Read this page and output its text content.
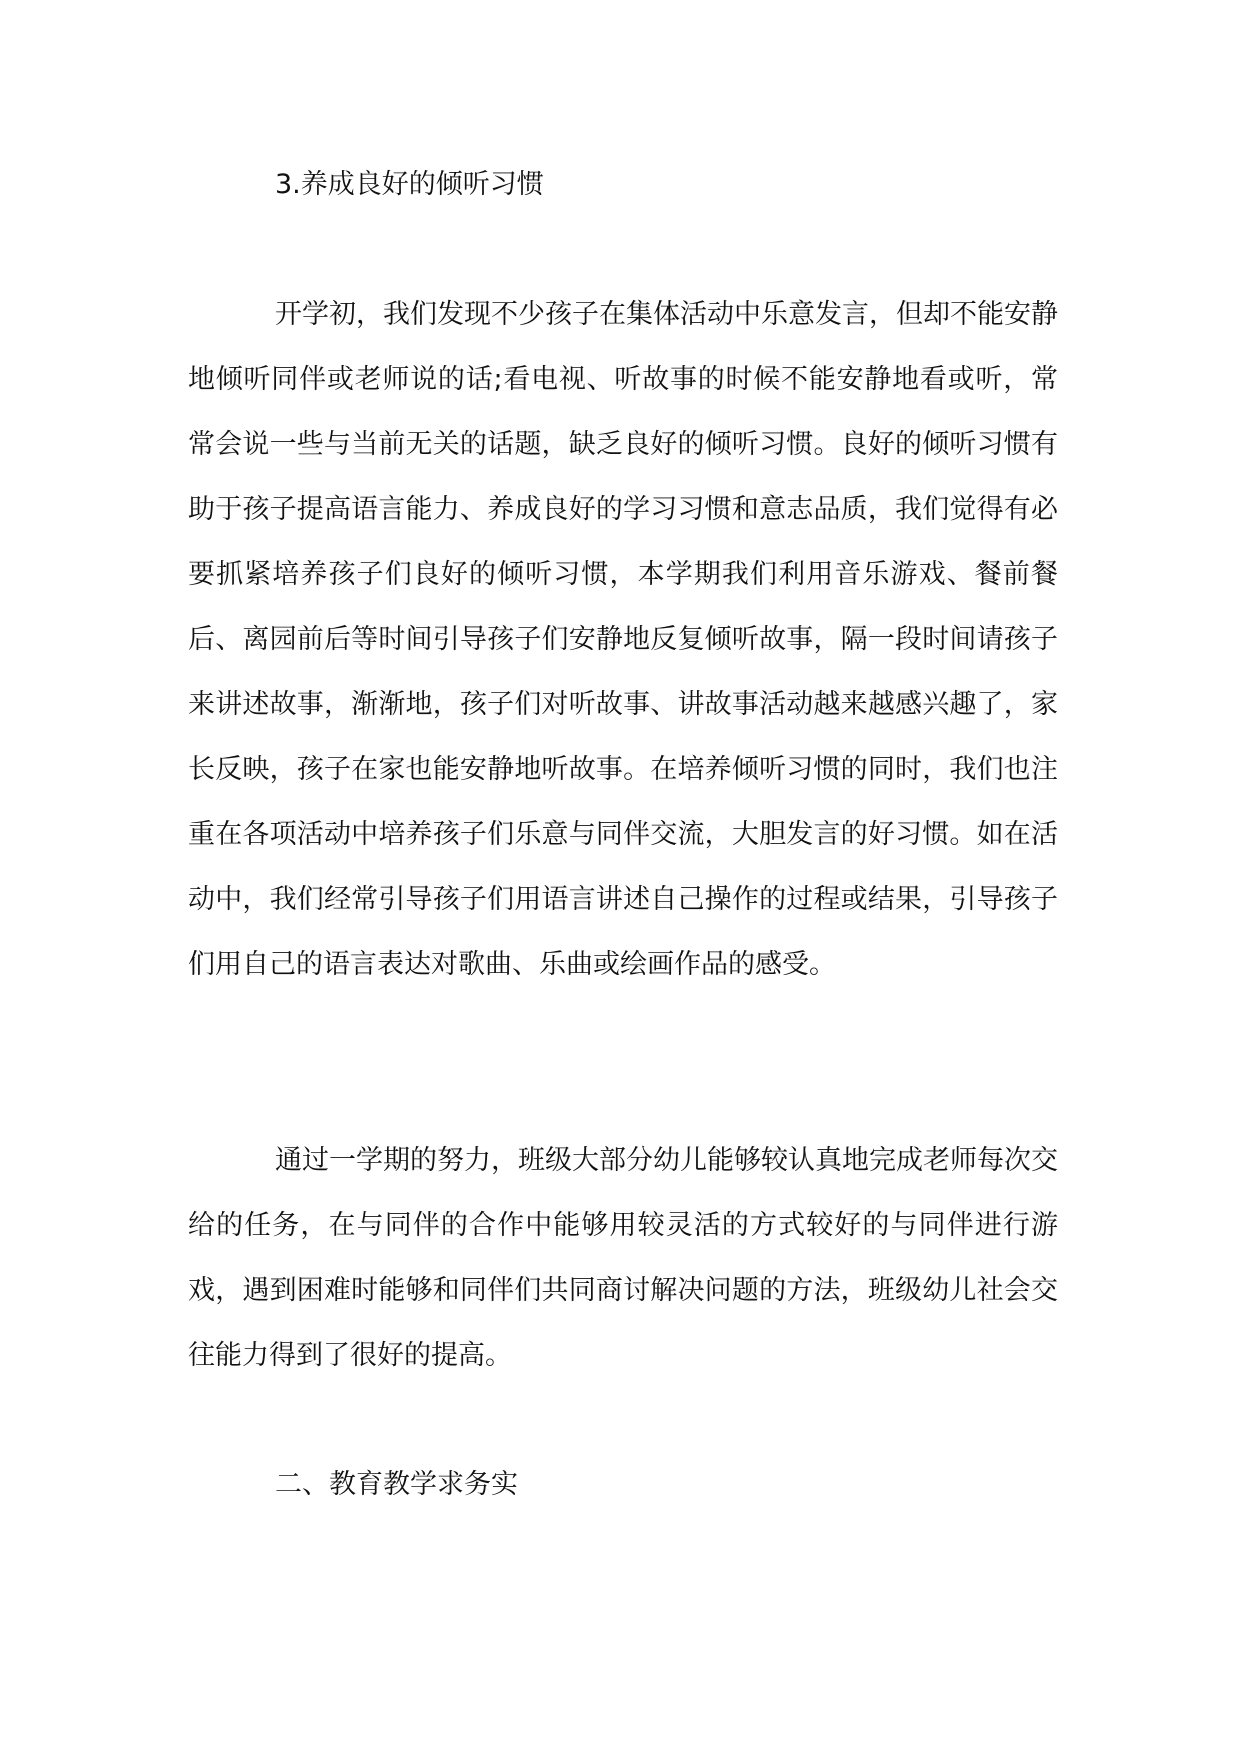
3.养成良好的倾听习惯

开学初，我们发现不少孩子在集体活动中乐意发言，但却不能安静地倾听同伴或老师说的话;看电视、听故事的时候不能安静地看或听，常常会说一些与当前无关的话题，缺乏良好的倾听习惯。良好的倾听习惯有助于孩子提高语言能力、养成良好的学习习惯和意志品质，我们觉得有必要抓紧培养孩子们良好的倾听习惯，本学期我们利用音乐游戏、餐前餐后、离园前后等时间引导孩子们安静地反复倾听故事，隔一段时间请孩子来讲述故事，渐渐地，孩子们对听故事、讲故事活动越来越感兴趣了，家长反映，孩子在家也能安静地听故事。在培养倾听习惯的同时，我们也注重在各项活动中培养孩子们乐意与同伴交流，大胆发言的好习惯。如在活动中，我们经常引导孩子们用语言讲述自己操作的过程或结果，引导孩子们用自己的语言表达对歌曲、乐曲或绘画作品的感受。

通过一学期的努力，班级大部分幼儿能够较认真地完成老师每次交给的任务，在与同伴的合作中能够用较灵活的方式较好的与同伴进行游戏，遇到困难时能够和同伴们共同商讨解决问题的方法，班级幼儿社会交往能力得到了很好的提高。

二、教育教学求务实
